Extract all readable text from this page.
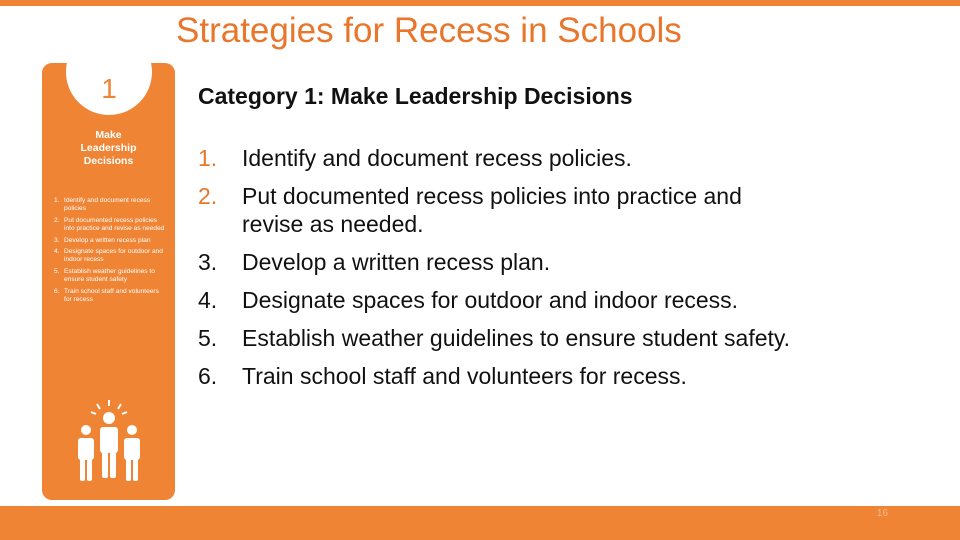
Strategies for Recess in Schools
1
Make
Leadership
Decisions
1. Identify and document recess policies
2. Put documented recess policies into practice and revise as needed
3. Develop a written recess plan
4. Designate spaces for outdoor and indoor recess
5. Establish weather guidelines to ensure student safety
6. Train school staff and volunteers for recess
Category 1: Make Leadership Decisions
1.	Identify and document recess policies.
2.	Put documented recess policies into practice and revise as needed.
3.	Develop a written recess plan.
4.	Designate spaces for outdoor and indoor recess.
5.	Establish weather guidelines to ensure student safety.
6.	Train school staff and volunteers for recess.
16
